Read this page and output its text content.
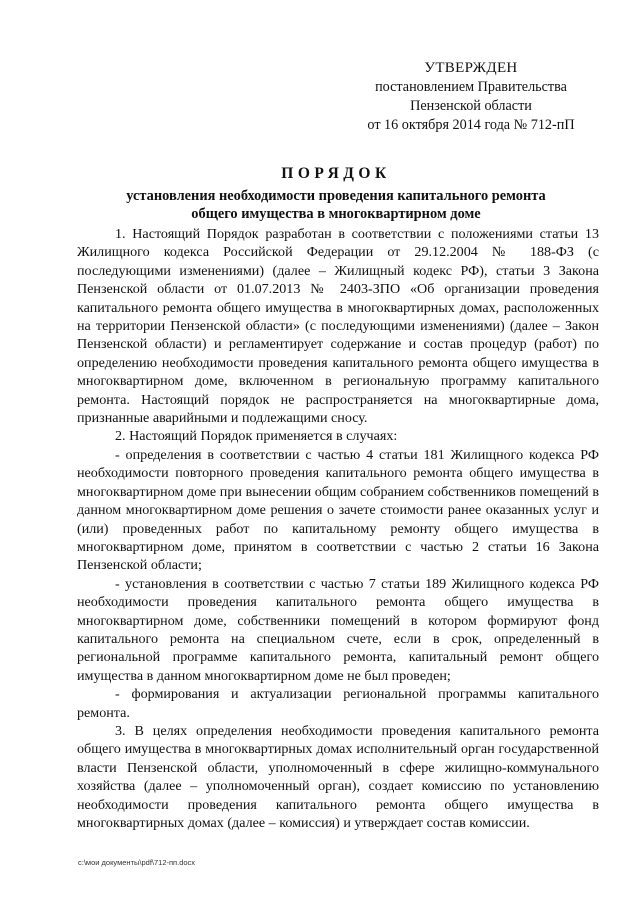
УТВЕРЖДЕН
постановлением Правительства
Пензенской области
от 16 октября 2014 года № 712-пП
ПОРЯДОК
установления необходимости проведения капитального ремонта
общего имущества в многоквартирном доме

1. Настоящий Порядок разработан в соответствии с положениями статьи 13 Жилищного кодекса Российской Федерации от 29.12.2004 № 188-ФЗ (с последующими изменениями) (далее – Жилищный кодекс РФ), статьи 3 Закона Пензенской области от 01.07.2013 № 2403-ЗПО «Об организации проведения капитального ремонта общего имущества в многоквартирных домах, расположенных на территории Пензенской области» (с последующими изменениями) (далее – Закон Пензенской области) и регламентирует содержание и состав процедур (работ) по определению необходимости проведения капитального ремонта общего имущества в многоквартирном доме, включенном в региональную программу капитального ремонта. Настоящий порядок не распространяется на многоквартирные дома, признанные аварийными и подлежащими сносу.

2. Настоящий Порядок применяется в случаях:

- определения в соответствии с частью 4 статьи 181 Жилищного кодекса РФ необходимости повторного проведения капитального ремонта общего имущества в многоквартирном доме при вынесении общим собранием собственников помещений в данном многоквартирном доме решения о зачете стоимости ранее оказанных услуг и (или) проведенных работ по капитальному ремонту общего имущества в многоквартирном доме, принятом в соответствии с частью 2 статьи 16 Закона Пензенской области;

- установления в соответствии с частью 7 статьи 189 Жилищного кодекса РФ необходимости проведения капитального ремонта общего имущества в многоквартирном доме, собственники помещений в котором формируют фонд капитального ремонта на специальном счете, если в срок, определенный в региональной программе капитального ремонта, капитальный ремонт общего имущества в данном многоквартирном доме не был проведен;

- формирования и актуализации региональной программы капитального ремонта.

3. В целях определения необходимости проведения капитального ремонта общего имущества в многоквартирных домах исполнительный орган государственной власти Пензенской области, уполномоченный в сфере жилищно-коммунального хозяйства (далее – уполномоченный орган), создает комиссию по установлению необходимости проведения капитального ремонта общего имущества в многоквартирных домах (далее – комиссия) и утверждает состав комиссии.

c:\мои документы\pdf\712-пп.docx
